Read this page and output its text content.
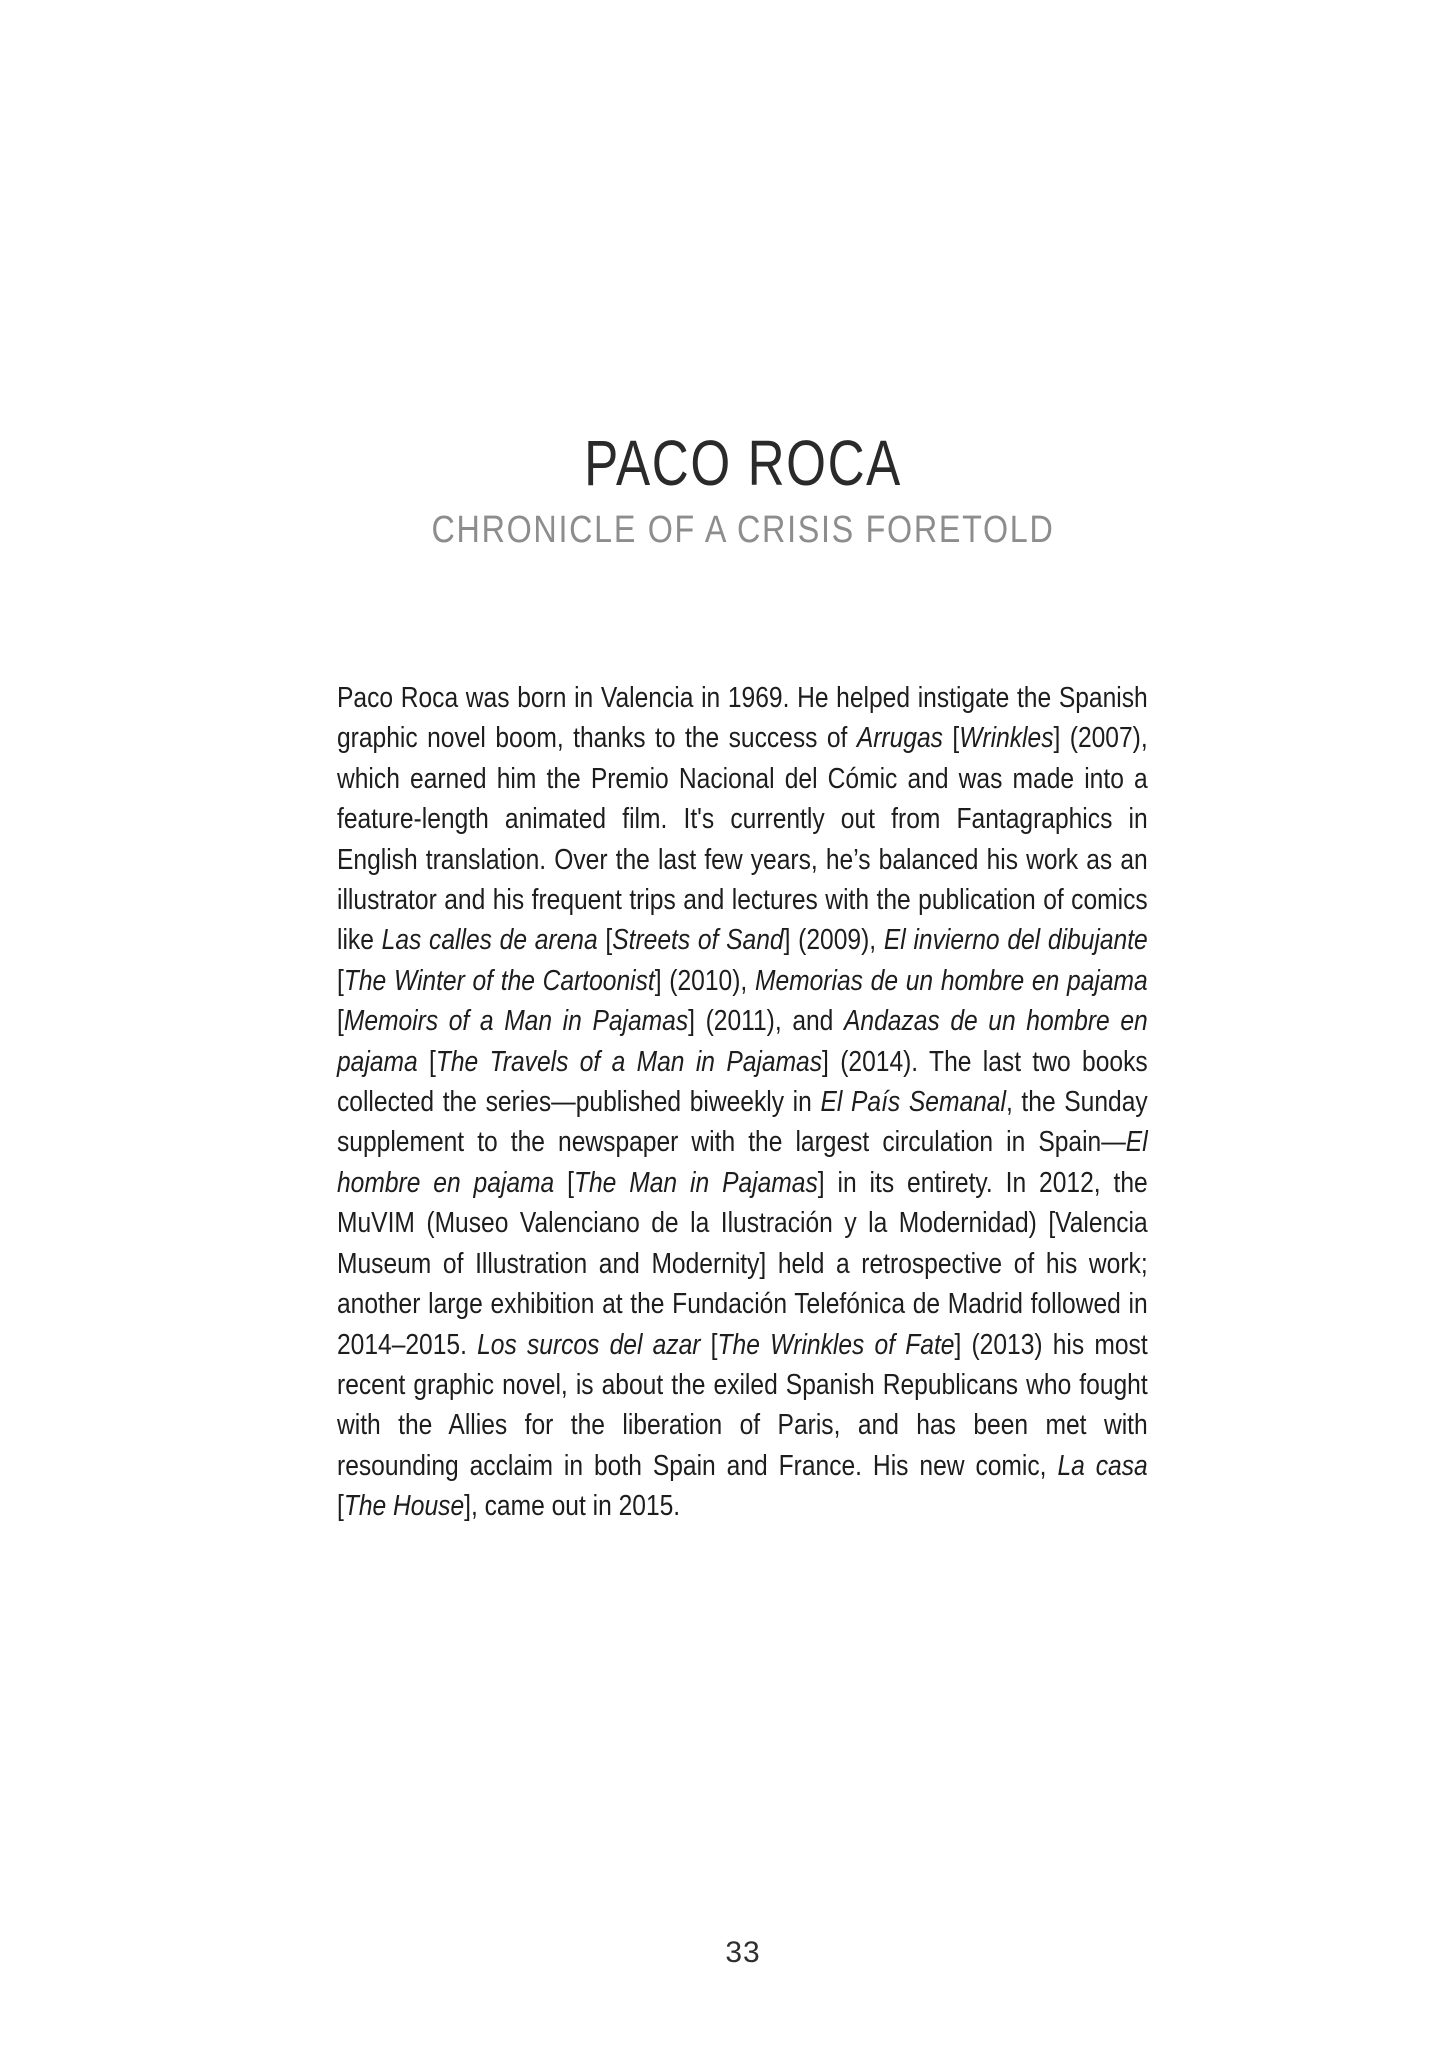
PACO ROCA
CHRONICLE OF A CRISIS FORETOLD

Paco Roca was born in Valencia in 1969. He helped instigate the Spanish graphic novel boom, thanks to the success of Arrugas [Wrinkles] (2007), which earned him the Premio Nacional del Cómic and was made into a feature-length animated film. It's currently out from Fantagraphics in English translation. Over the last few years, he’s balanced his work as an illustrator and his frequent trips and lectures with the publication of comics like Las calles de arena [Streets of Sand] (2009), El invierno del dibujante [The Winter of the Cartoonist] (2010), Memorias de un hombre en pajama [Memoirs of a Man in Pajamas] (2011), and Andazas de un hombre en pajama [The Travels of a Man in Pajamas] (2014). The last two books collected the series—published biweekly in El País Semanal, the Sunday supplement to the newspaper with the largest circulation in Spain—El hombre en pajama [The Man in Pajamas] in its entirety. In 2012, the MuVIM (Museo Valenciano de la Ilustración y la Modernidad) [Valencia Museum of Illustration and Modernity] held a retrospective of his work; another large exhibition at the Fundación Telefónica de Madrid followed in 2014–2015. Los surcos del azar [The Wrinkles of Fate] (2013) his most recent graphic novel, is about the exiled Spanish Republicans who fought with the Allies for the liberation of Paris, and has been met with resounding acclaim in both Spain and France. His new comic, La casa [The House], came out in 2015.

33
